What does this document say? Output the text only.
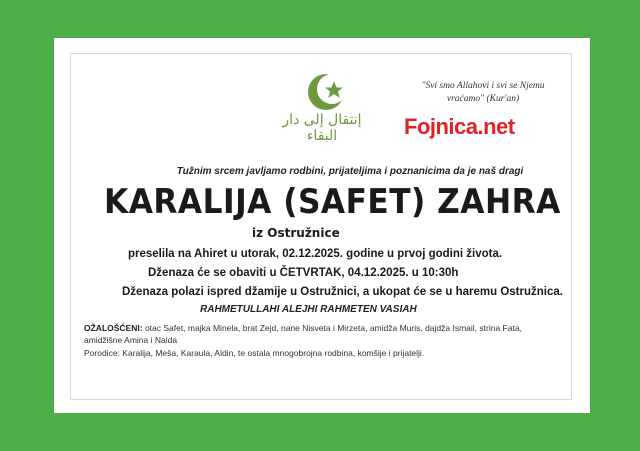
إنتقال إلى دار البقاء
"Svi smo Allahovi i svi se Njemu vraćamo" (Kur'an)
Fojnica.net
Tužnim srcem javljamo rodbini, prijateljima i poznanicima da je naš dragi
KARALIJA (SAFET) ZAHRA
iz Ostružnice
preselila na Ahiret u utorak, 02.12.2025. godine u prvoj godini života.
Dženaza će se obaviti u ČETVRTAK, 04.12.2025. u 10:30h
Dženaza polazi ispred džamije u Ostružnici, a ukopat će se u haremu Ostružnica.
RAHMETULLAHI ALEJHI RAHMETEN VASIAH
OŽALOŠĆENI: otac Safet, majka Minela, brat Zejd, nane Nisveta i Mirzeta, amidža Muris, dajdža Ismail, strina Fata, amidžišne Amina i Naida
Porodice: Karalija, Meša, Karaula, Aldin, te ostala mnogobrojna rodbina, komšije i prijatelji.
